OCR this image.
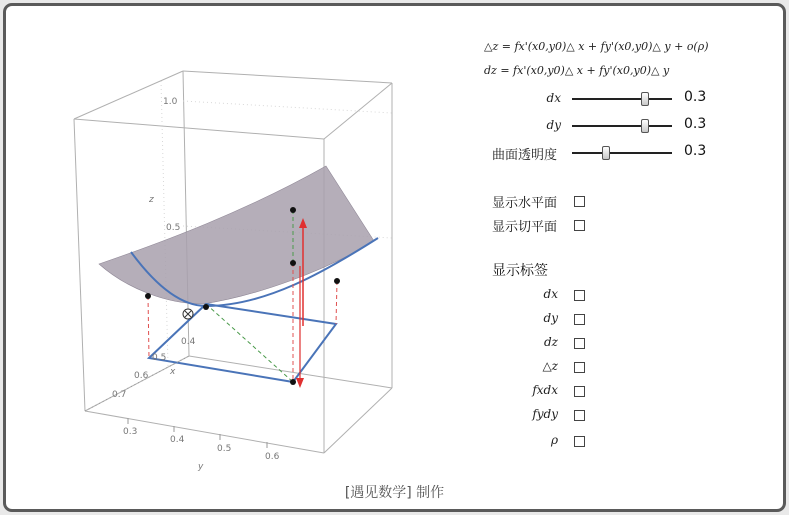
1.0
0.5
z
0.4
0.5
0.6
0.7
x
0.3
0.4
0.5
0.6
y
△z = fx'(x0,y0)△ x + fy'(x0,y0)△ y + o(ρ)
dz = fx'(x0,y0)△ x + fy'(x0,y0)△ y
dx	0.3
dy	0.3
曲面透明度	0.3
显示水平面
显示切平面
显示标签
dx
dy
dz
△z
fxdx
fydy
ρ
[遇见数学] 制作
